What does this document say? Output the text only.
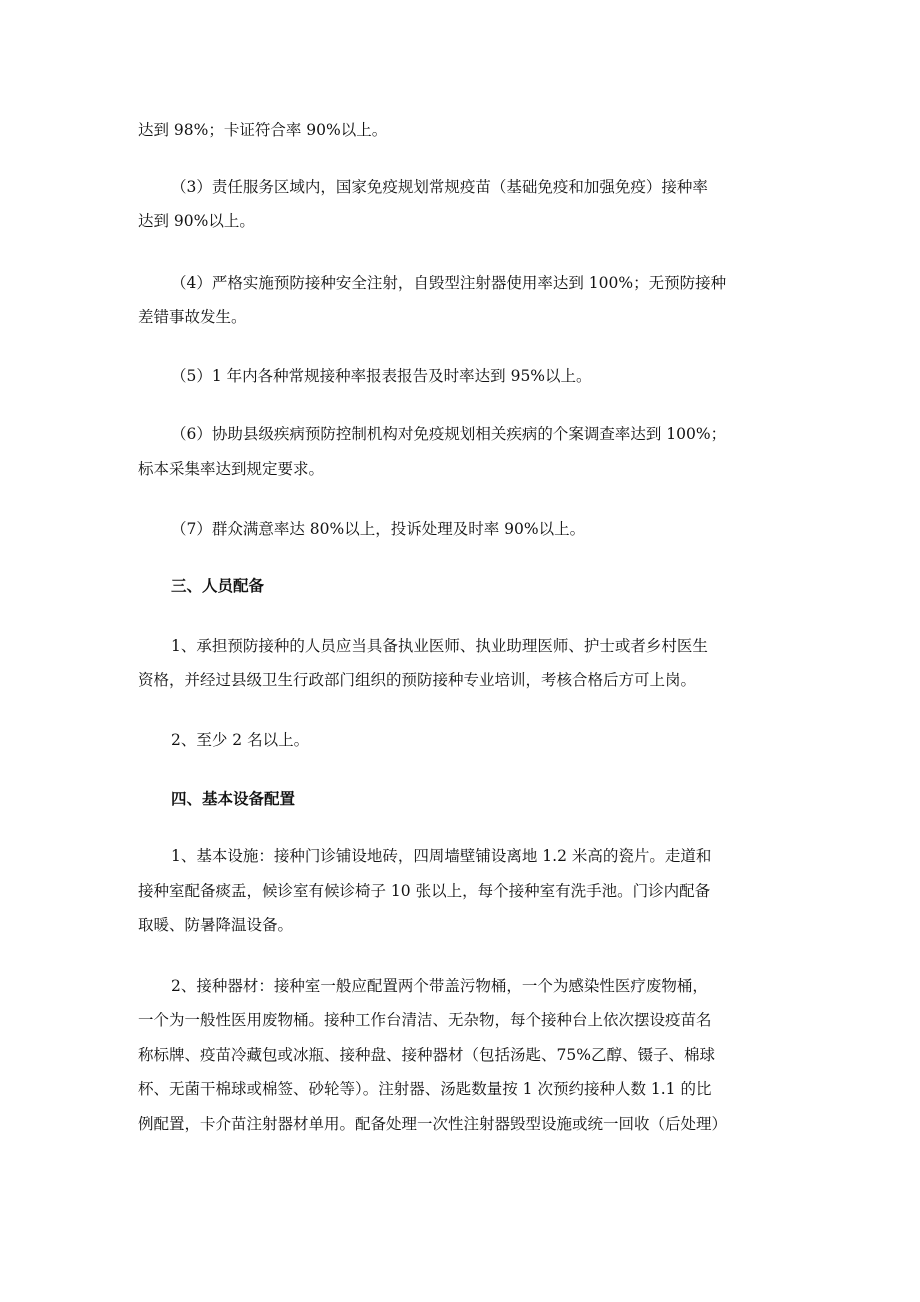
达到 98%；卡证符合率 90%以上。

（3）责任服务区域内，国家免疫规划常规疫苗（基础免疫和加强免疫）接种率

达到 90%以上。

（4）严格实施预防接种安全注射，自毁型注射器使用率达到 100%；无预防接种

差错事故发生。

（5）1 年内各种常规接种率报表报告及时率达到 95%以上。

（6）协助县级疾病预防控制机构对免疫规划相关疾病的个案调查率达到 100%；

标本采集率达到规定要求。

（7）群众满意率达 80%以上，投诉处理及时率 90%以上。

三、人员配备

1、承担预防接种的人员应当具备执业医师、执业助理医师、护士或者乡村医生

资格，并经过县级卫生行政部门组织的预防接种专业培训，考核合格后方可上岗。

2、至少 2 名以上。

四、基本设备配置

1、基本设施：接种门诊铺设地砖，四周墙壁铺设离地 1.2 米高的瓷片。走道和

接种室配备痰盂，候诊室有候诊椅子 10 张以上，每个接种室有洗手池。门诊内配备

取暖、防暑降温设备。

2、接种器材：接种室一般应配置两个带盖污物桶，一个为感染性医疗废物桶，

一个为一般性医用废物桶。接种工作台清洁、无杂物，每个接种台上依次摆设疫苗名

称标牌、疫苗冷藏包或冰瓶、接种盘、接种器材（包括汤匙、75%乙醇、镊子、棉球

杯、无菌干棉球或棉签、砂轮等）。注射器、汤匙数量按 1 次预约接种人数 1.1 的比

例配置，卡介苗注射器材单用。配备处理一次性注射器毁型设施或统一回收（后处理）
